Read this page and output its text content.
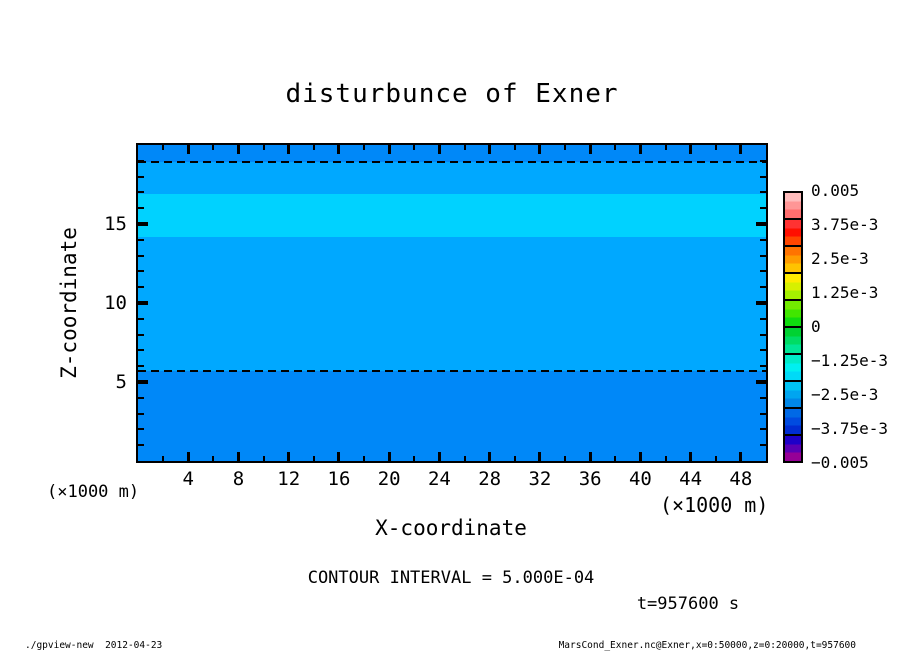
disturbunce of Exner
Z-coordinate
X-coordinate
(×1000 m)
(×1000 m)
CONTOUR INTERVAL = 5.000E-04
t=957600 s
./gpview-new  2012-04-23	MarsCond_Exner.nc@Exner,x=0:50000,z=0:20000,t=957600
4 8 12 16 20 24 28 32 36 40 44 48
5
10
15
0.005
3.75e-3
2.5e-3
1.25e-3
0
−1.25e-3
−2.5e-3
−3.75e-3
−0.005
